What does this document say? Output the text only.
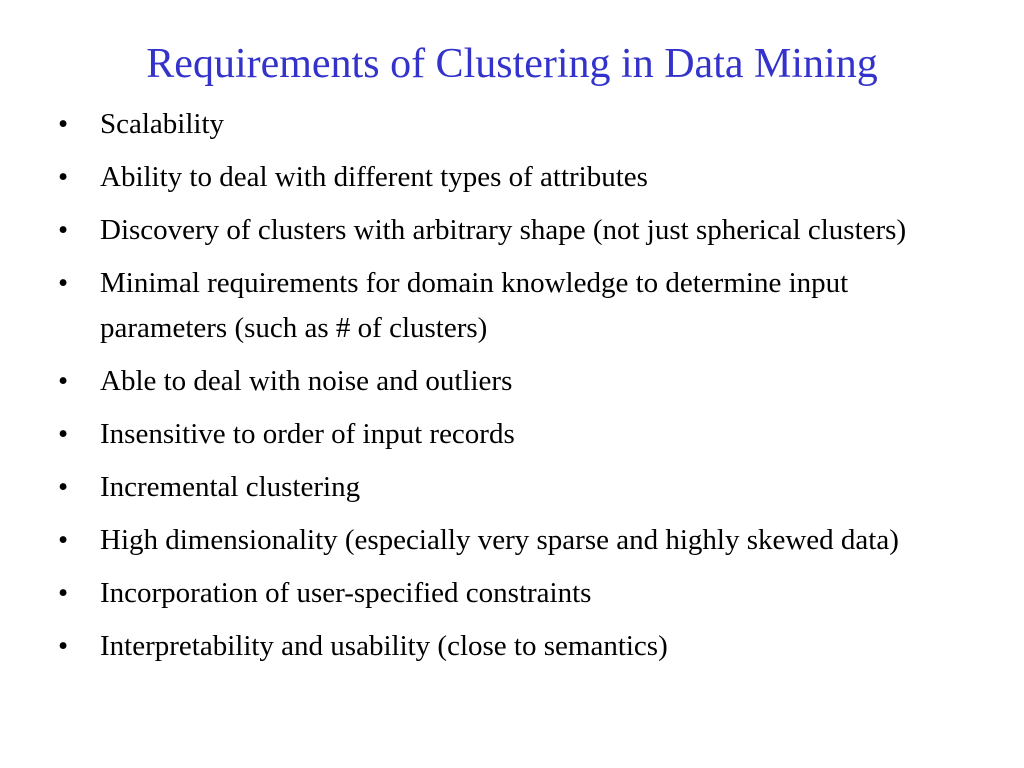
Requirements of Clustering in Data Mining
•	Scalability
•	Ability to deal with different types of attributes
•	Discovery of clusters with arbitrary shape (not just spherical clusters)
•	Minimal requirements for domain knowledge to determine input parameters (such as # of clusters)
•	Able to deal with noise and outliers
•	Insensitive to order of input records
•	Incremental clustering
•	High dimensionality (especially very sparse and highly skewed data)
•	Incorporation of user-specified constraints
•	Interpretability and usability (close to semantics)
